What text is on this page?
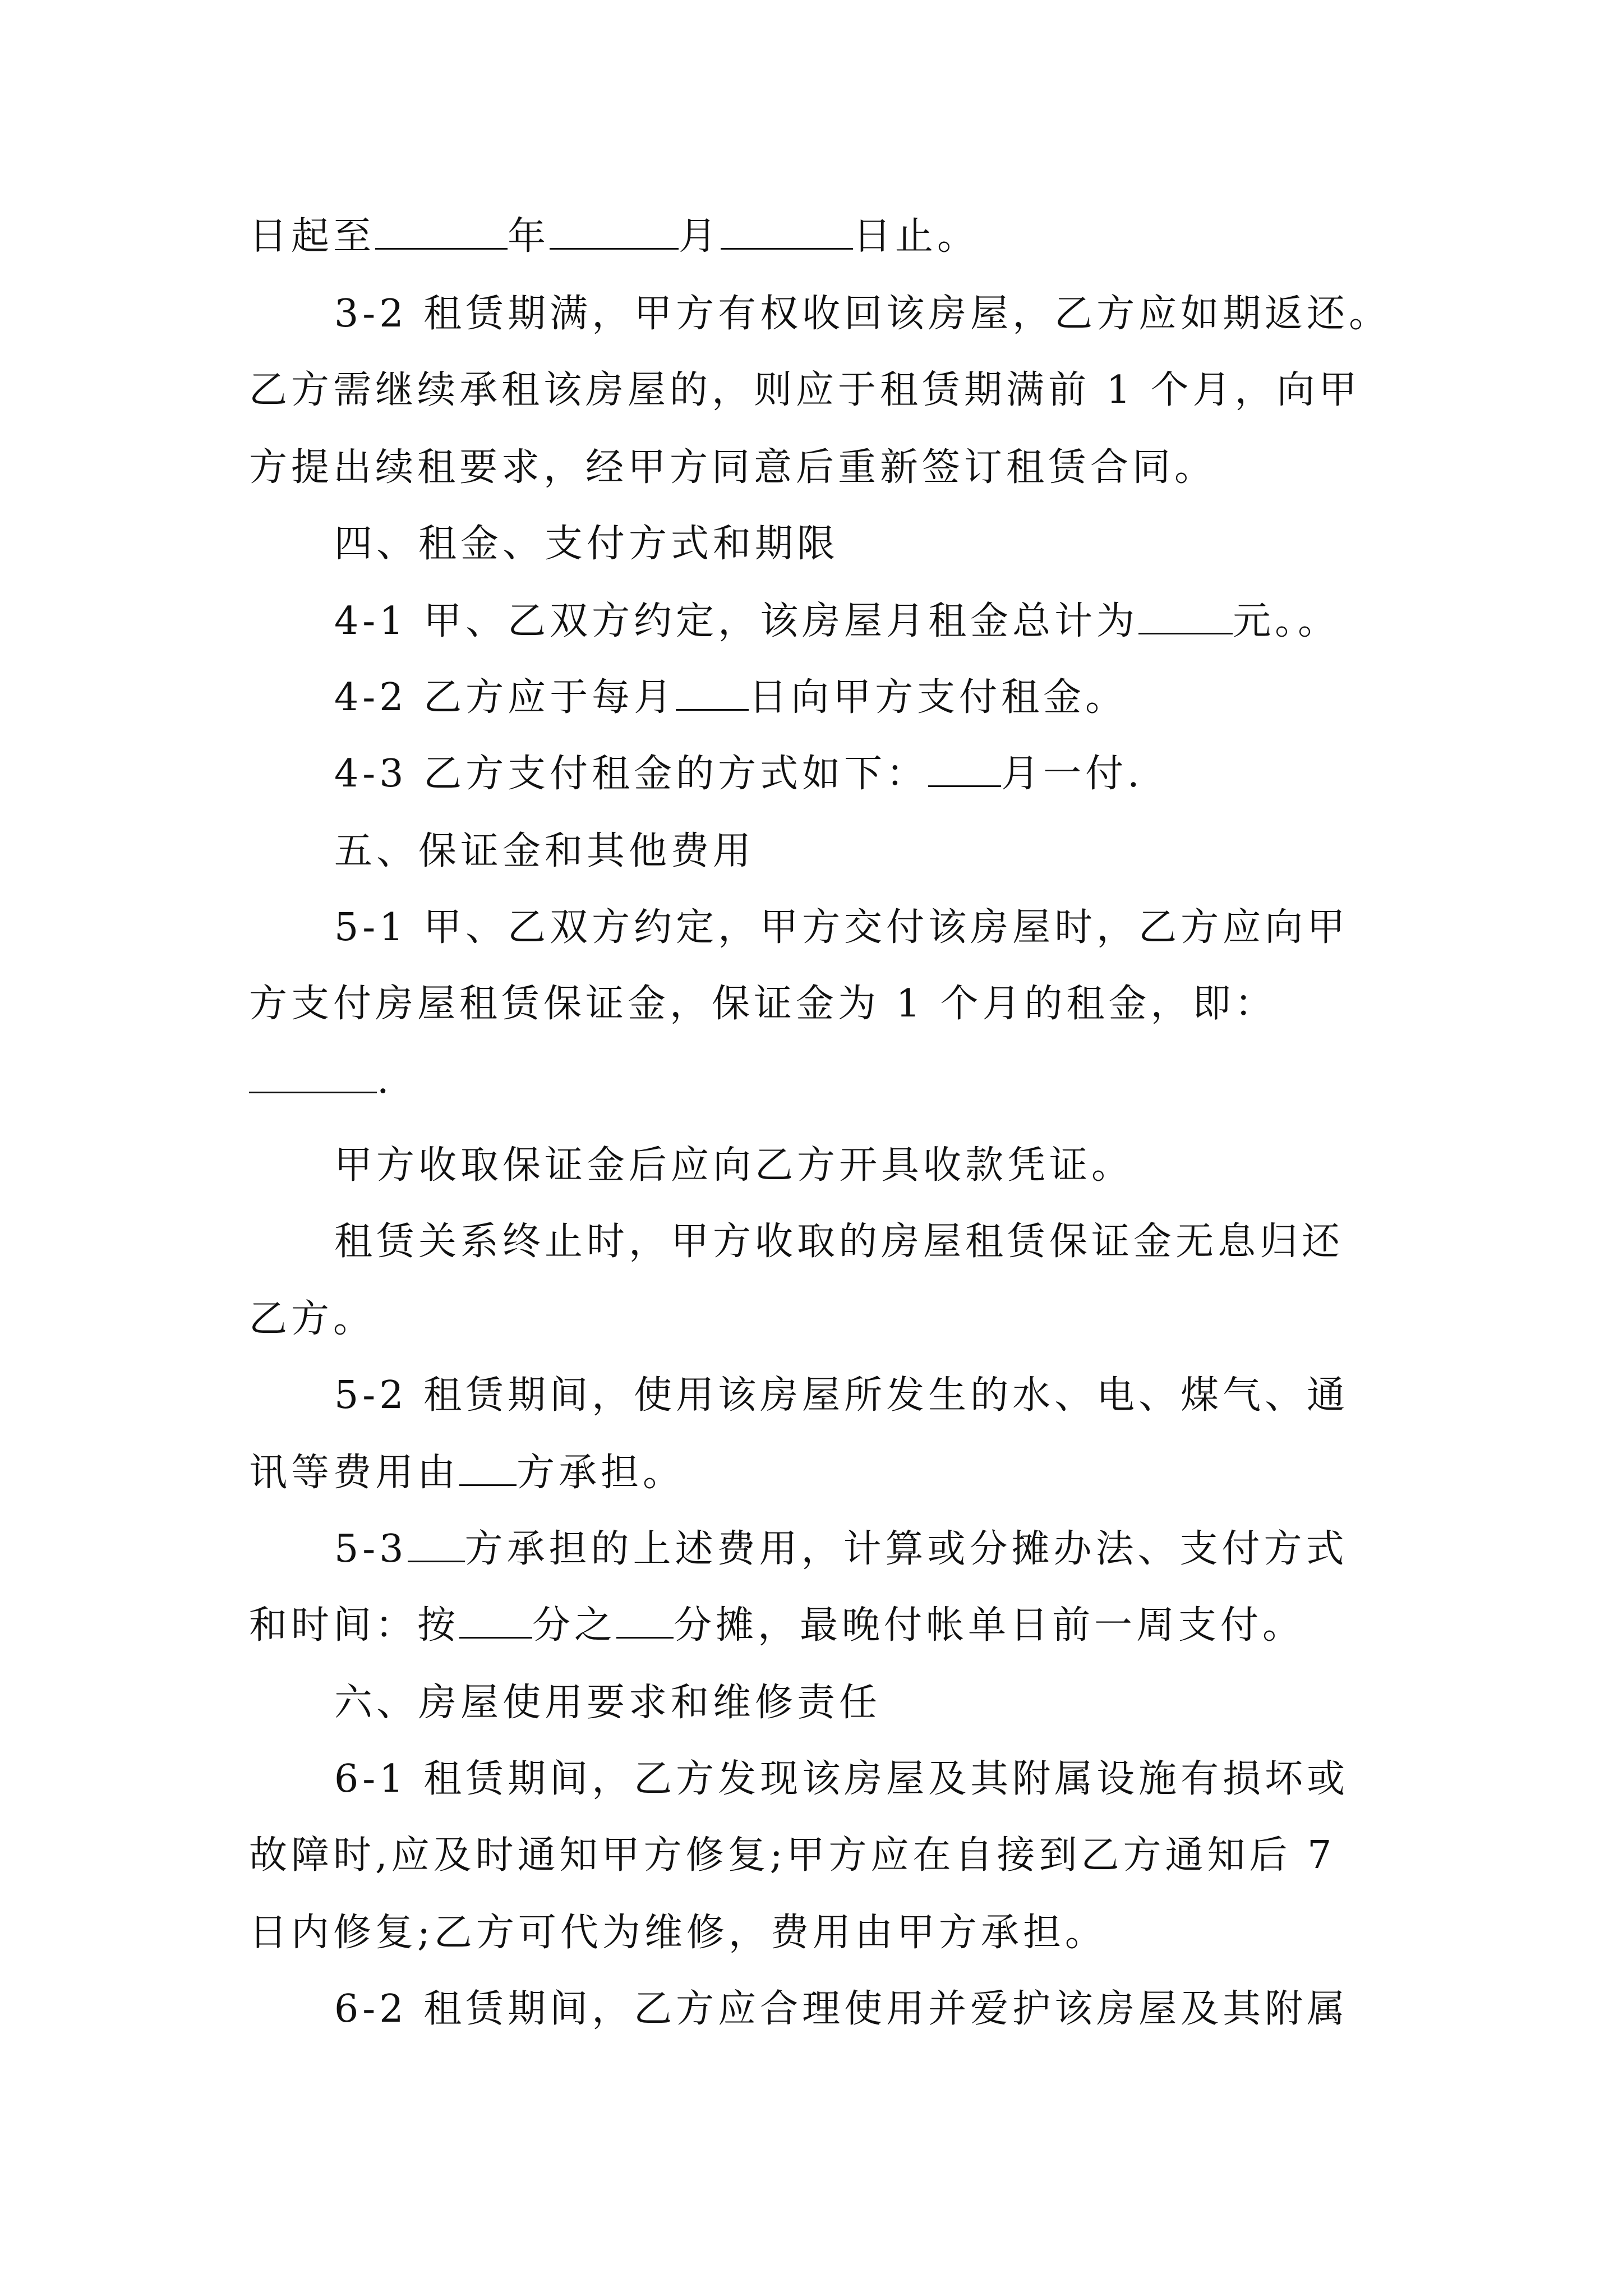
日起至	年	月	日止。
3-2 租赁期满，甲方有权收回该房屋，乙方应如期返还。
乙方需继续承租该房屋的，则应于租赁期满前 1 个月，向甲
方提出续租要求，经甲方同意后重新签订租赁合同。
四、租金、支付方式和期限
4-1 甲、乙双方约定，该房屋月租金总计为 元。。
4-2 乙方应于每月 日向甲方支付租金。
4-3 乙方支付租金的方式如下： 月一付.
五、保证金和其他费用
5-1 甲、乙双方约定，甲方交付该房屋时，乙方应向甲
方支付房屋租赁保证金，保证金为 1 个月的租金，即：
.
甲方收取保证金后应向乙方开具收款凭证。
租赁关系终止时，甲方收取的房屋租赁保证金无息归还
乙方。
5-2 租赁期间，使用该房屋所发生的水、电、煤气、通
讯等费用由 方承担。
5-3 方承担的上述费用，计算或分摊办法、支付方式
和时间：按 分之 分摊，最晚付帐单日前一周支付。
六、房屋使用要求和维修责任
6-1 租赁期间，乙方发现该房屋及其附属设施有损坏或
故障时,应及时通知甲方修复;甲方应在自接到乙方通知后 7
日内修复;乙方可代为维修，费用由甲方承担。
6-2 租赁期间，乙方应合理使用并爱护该房屋及其附属
